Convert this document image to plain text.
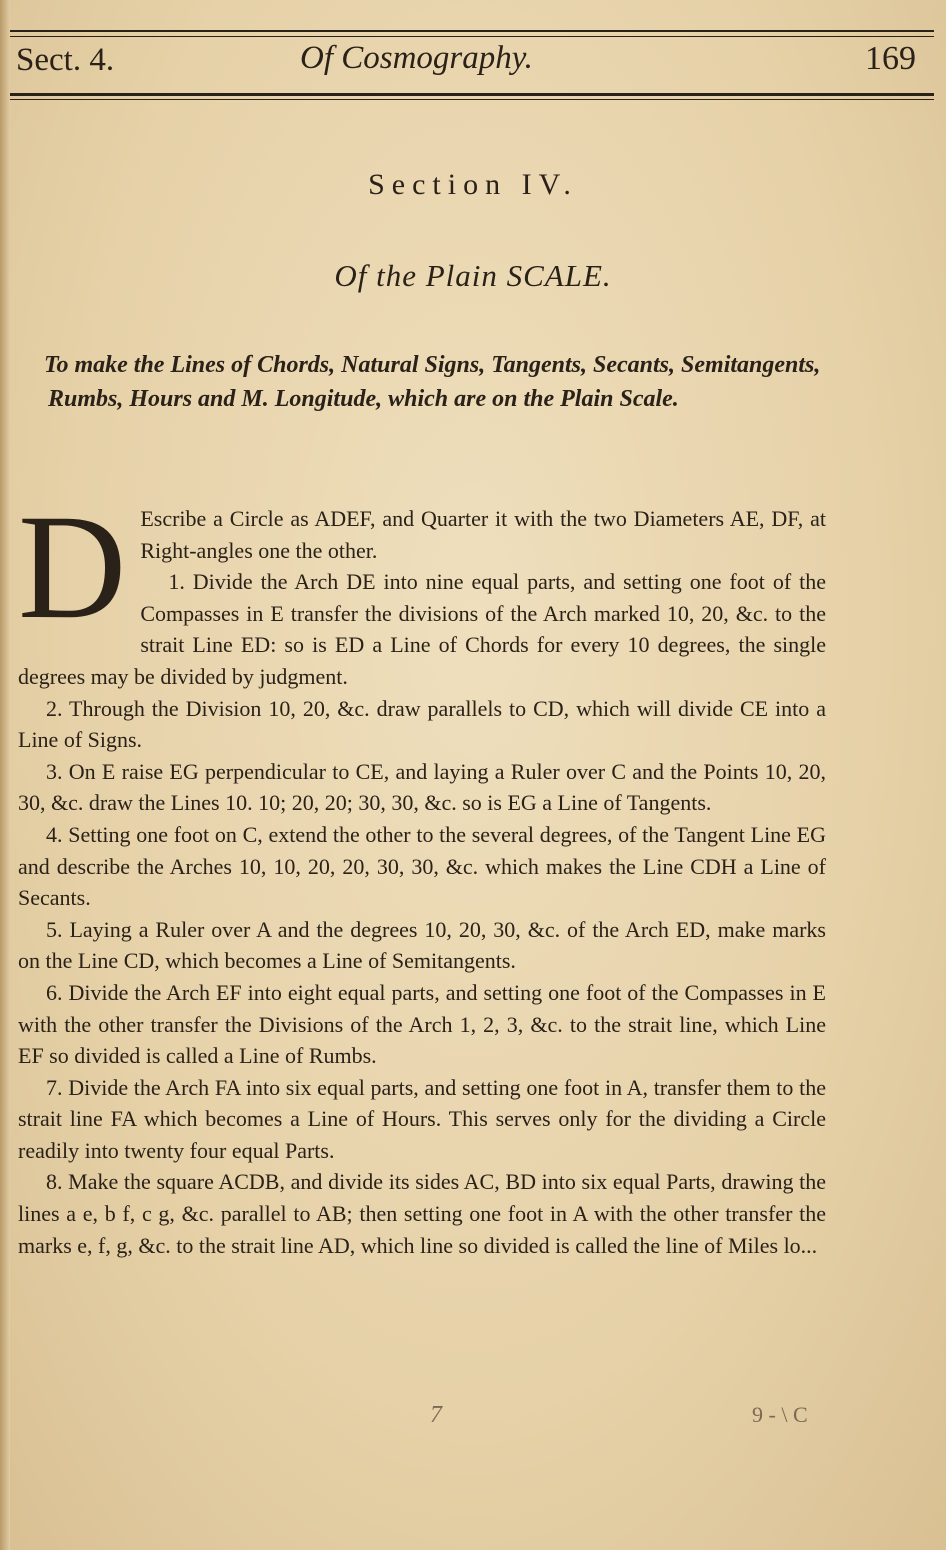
Sect. 4.	Of Cosmography.	169
Section IV.
Of the Plain SCALE.
To make the Lines of Chords, Natural Signs, Tangents, Secants, Semitangents, Rumbs, Hours and M. Longitude, which are on the Plain Scale.
D Escribe a Circle as ADEF, and Quarter it with the two Diameters AE, DF, at Right-angles one the other.

1. Divide the Arch DE into nine equal parts, and setting one foot of the Compasses in E transfer the divisions of the Arch marked 10, 20, &c. to the strait Line ED: so is ED a Line of Chords for every 10 degrees, the single degrees may be divided by judgment.

2. Through the Division 10, 20, &c. draw parallels to CD, which will divide CE into a Line of Signs.

3. On E raise EG perpendicular to CE, and laying a Ruler over C and the Points 10, 20, 30, &c. draw the Lines 10. 10; 20, 20; 30, 30, &c. so is EG a Line of Tangents.

4. Setting one foot on C, extend the other to the several degrees, of the Tangent Line EG and describe the Arches 10, 10, 20, 20, 30, 30, &c. which makes the Line CDH a Line of Secants.

5. Laying a Ruler over A and the degrees 10, 20, 30, &c. of the Arch ED, make marks on the Line CD, which becomes a Line of Semitangents.

6. Divide the Arch EF into eight equal parts, and setting one foot of the Compasses in E with the other transfer the Divisions of the Arch 1, 2, 3, &c. to the strait line, which Line EF so divided is called a Line of Rumbs.

7. Divide the Arch FA into six equal parts, and setting one foot in A, transfer them to the strait line FA which becomes a Line of Hours. This serves only for the dividing a Circle readily into twenty four equal Parts.

8. Make the square ACDB, and divide its sides AC, BD into six equal Parts, drawing the lines a e, b f, c g, &c. parallel to AB; then setting one foot in A with the other transfer the marks e, f, g, &c. to the strait line AD, which line so divided is called the line of Miles lo...

7	9 - \ C
